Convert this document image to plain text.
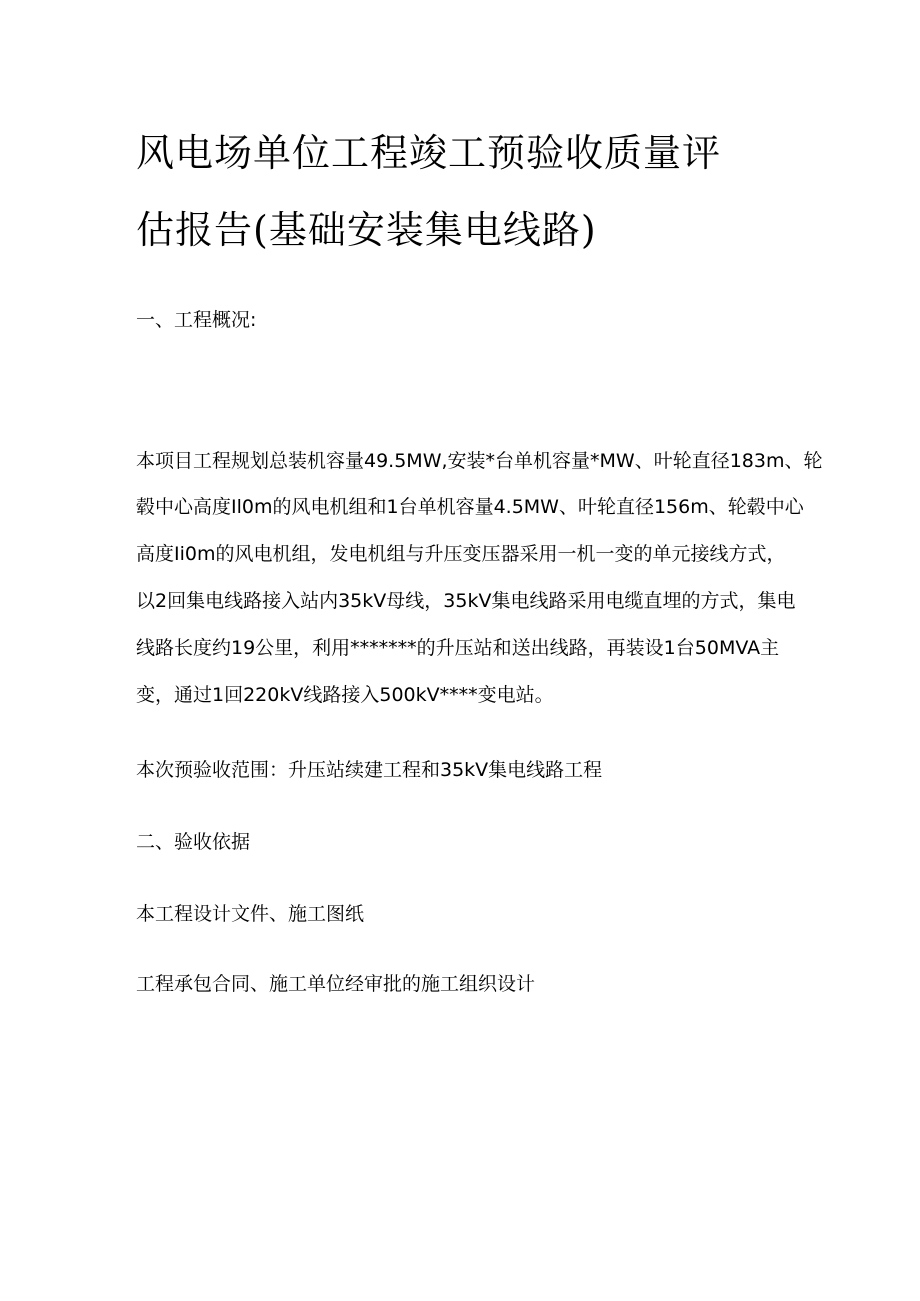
风电场单位工程竣工预验收质量评
估报告(基础安装集电线路)
一、工程概况:
本项目工程规划总装机容量49.5MW,安装*台单机容量*MW、叶轮直径183m、轮
毂中心高度Il0m的风电机组和1台单机容量4.5MW、叶轮直径156m、轮毂中心
高度Ii0m的风电机组，发电机组与升压变压器采用一机一变的单元接线方式，
以2回集电线路接入站内35kV母线，35kV集电线路采用电缆直埋的方式，集电
线路长度约19公里，利用*******的升压站和送出线路，再装设1台50MVA主
变，通过1回220kV线路接入500kV****变电站。
本次预验收范围：升压站续建工程和35kV集电线路工程
二、验收依据
本工程设计文件、施工图纸
工程承包合同、施工单位经审批的施工组织设计
